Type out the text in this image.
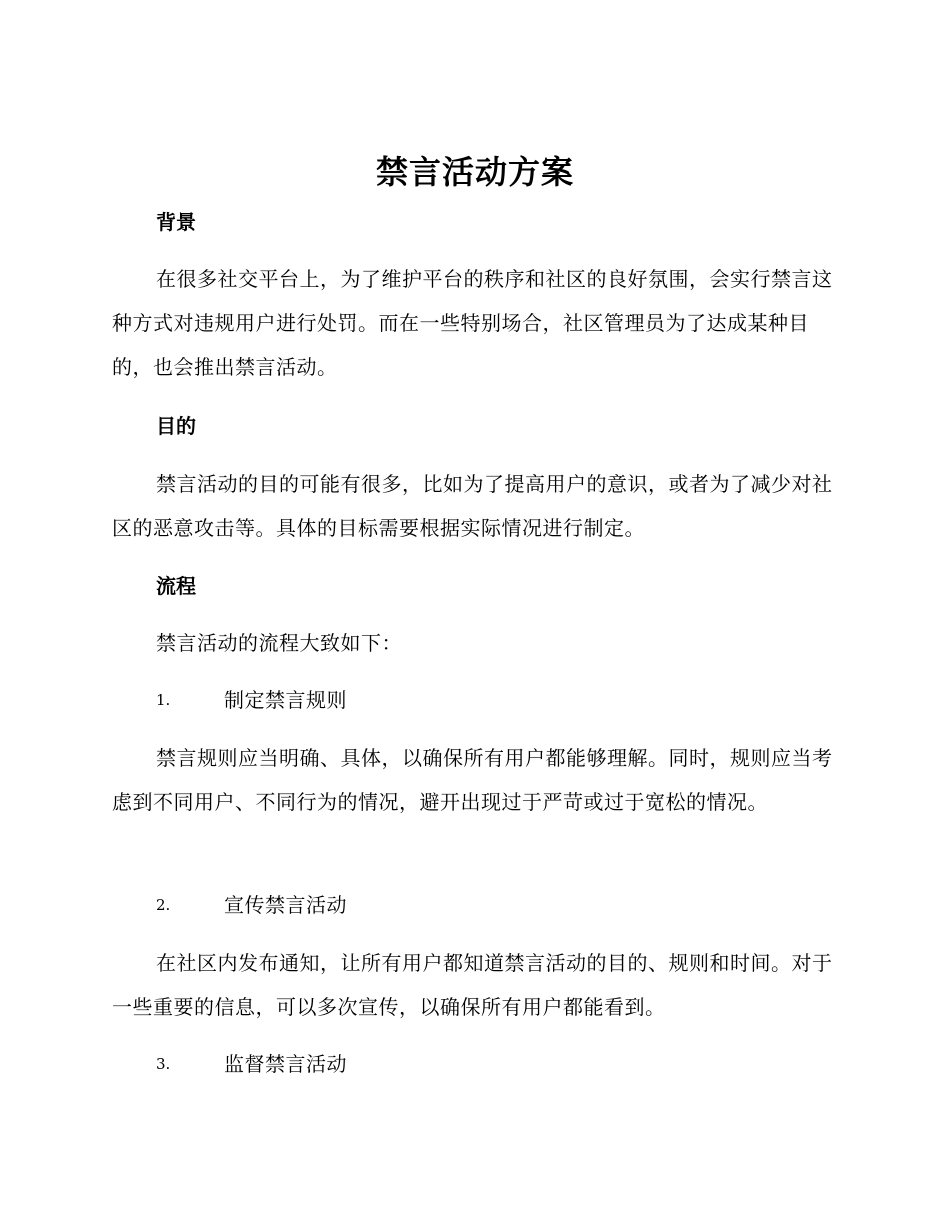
禁言活动方案
背景

在很多社交平台上，为了维护平台的秩序和社区的良好氛围，会实行禁言这种方式对违规用户进行处罚。而在一些特别场合，社区管理员为了达成某种目的，也会推出禁言活动。

目的

禁言活动的目的可能有很多，比如为了提高用户的意识，或者为了减少对社区的恶意攻击等。具体的目标需要根据实际情况进行制定。

流程
禁言活动的流程大致如下：
1.	制定禁言规则

禁言规则应当明确、具体，以确保所有用户都能够理解。同时，规则应当考虑到不同用户、不同行为的情况，避开出现过于严苛或过于宽松的情况。

2.	宣传禁言活动

在社区内发布通知，让所有用户都知道禁言活动的目的、规则和时间。对于一些重要的信息，可以多次宣传，以确保所有用户都能看到。

3.	监督禁言活动
